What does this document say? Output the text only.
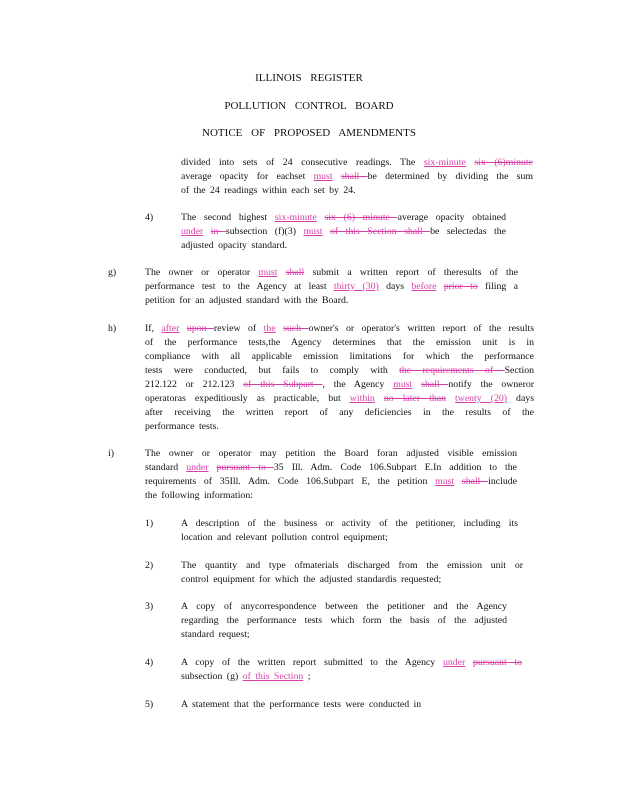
ILLINOIS REGISTER
POLLUTION CONTROL BOARD
NOTICE OF PROPOSED AMENDMENTS
divided into sets of 24 consecutive readings. The six-minute six (6)minute
average opacity for eachset must shall be determined by dividing the sum
of the 24 readings within each set by 24.
4)	The second highest six-minute six (6) minute average opacity obtained
under in subsection (f)(3) must of this Section shall be selectedas the
adjusted opacity standard.
g)	The owner or operator must shall submit a written report of theresults of the
performance test to the Agency at least thirty (30) days before prior to filing a
petition for an adjusted standard with the Board.
h)	If, after upon review of the such owner's or operator's written report of the results
of the performance tests,the Agency determines that the emission unit is in
compliance with all applicable emission limitations for which the performance
tests were conducted, but fails to comply with the requirements of Section
212.122 or 212.123 of this Subpart , the Agency must shall notify the owneror
operatoras expeditiously as practicable, but within no later than twenty (20) days
after receiving the written report of any deficiencies in the results of the
performance tests.
i)	The owner or operator may petition the Board foran adjusted visible emission
standard under pursuant to 35 Ill. Adm. Code 106.Subpart E.In addition to the
requirements of 35Ill. Adm. Code 106.Subpart E, the petition must shall include
the following information:
1)	A description of the business or activity of the petitioner, including its
location and relevant pollution control equipment;
2)	The quantity and type ofmaterials discharged from the emission unit or
control equipment for which the adjusted standardis requested;
3)	A copy of anycorrespondence between the petitioner and the Agency
regarding the performance tests which form the basis of the adjusted
standard request;
4)	A copy of the written report submitted to the Agency under pursuant to
subsection (g) of this Section ;
5)	A statement that the performance tests were conducted in
